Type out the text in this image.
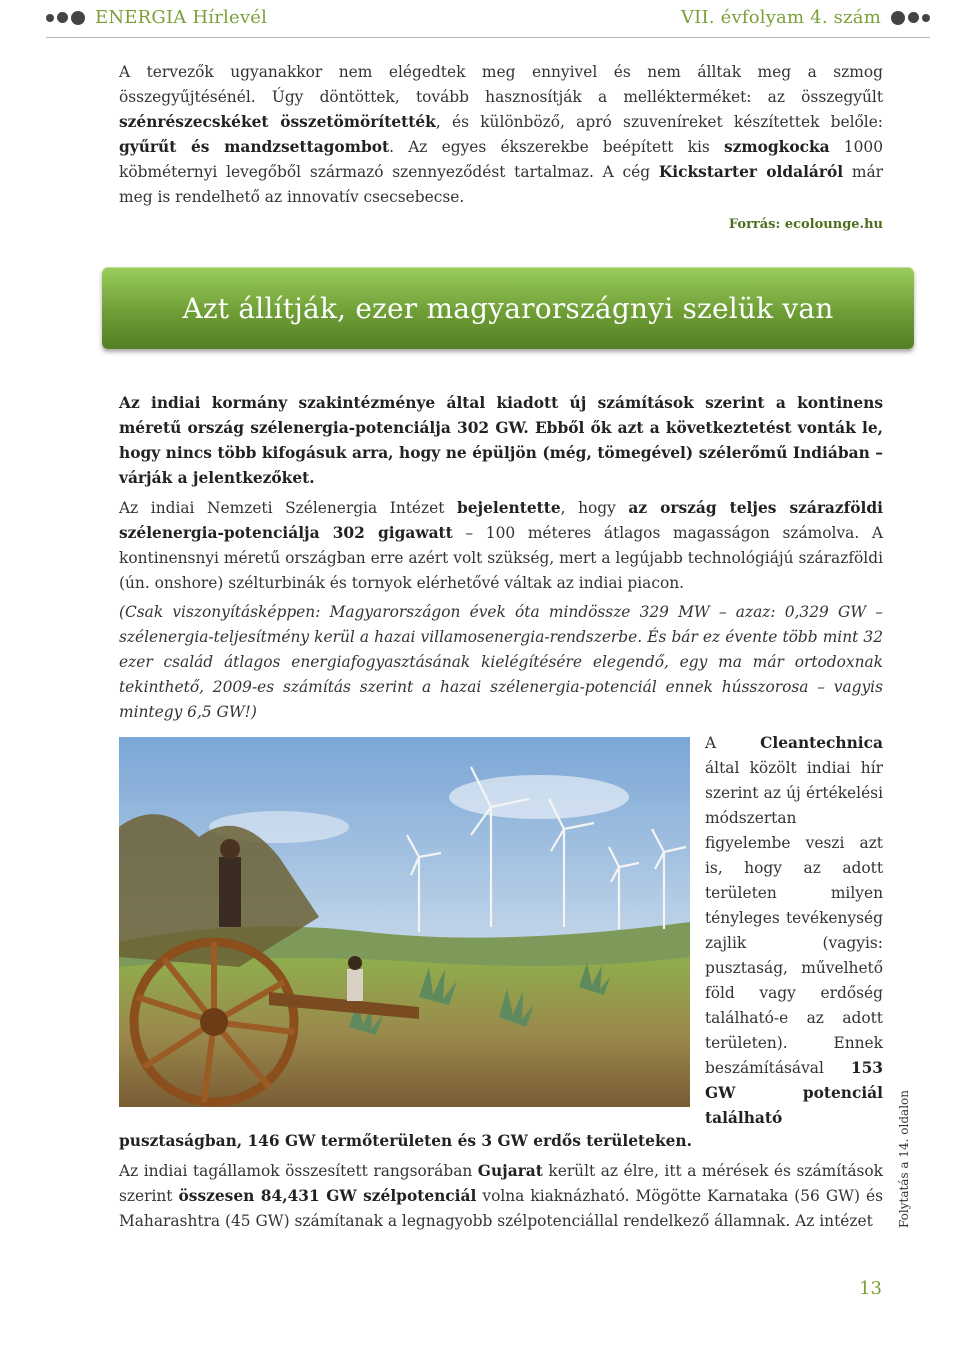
ENERGIA Hírlevél	VII. évfolyam 4. szám

A tervezők ugyanakkor nem elégedtek meg ennyivel és nem álltak meg a szmog összegyűjtésénél. Úgy döntöttek, tovább hasznosítják a mellékterméket: az összegyűlt szénrészecskéket összetömörítették, és különböző, apró szuveníreket készítettek belőle: gyűrűt és mandzsettagombot. Az egyes ékszerekbe beépített kis szmogkocka 1000 köbméternyi levegőből származó szennyeződést tartalmaz. A cég Kickstarter oldaláról már meg is rendelhető az innovatív csecsebecse.

Forrás: ecolounge.hu
Azt állítják, ezer magyarországnyi szelük van

Az indiai kormány szakintézménye által kiadott új számítások szerint a kontinens méretű ország szélenergia-potenciálja 302 GW. Ebből ők azt a következtetést vonták le, hogy nincs több kifogásuk arra, hogy ne épüljön (még, tömegével) szélerőmű Indiában – várják a jelentkezőket.

Az indiai Nemzeti Szélenergia Intézet bejelentette, hogy az ország teljes szárazföldi szélenergia-potenciálja 302 gigawatt – 100 méteres átlagos magasságon számolva. A kontinensnyi méretű országban erre azért volt szükség, mert a legújabb technológiájú szárazföldi (ún. onshore) szélturbinák és tornyok elérhetővé váltak az indiai piacon.

(Csak viszonyításképpen: Magyarországon évek óta mindössze 329 MW – azaz: 0,329 GW – szélenergia-teljesítmény kerül a hazai villamosenergia-rendszerbe. És bár ez évente több mint 32 ezer család átlagos energiafogyasztásának kielégítésére elegendő, egy ma már ortodoxnak tekinthető, 2009-es számítás szerint a hazai szélenergia-potenciál ennek hússzorosa – vagyis mintegy 6,5 GW!)

A Cleantechnica által közölt indiai hír szerint az új értékelési módszertan figyelembe veszi azt is, hogy az adott területen milyen tényleges tevékenység zajlik (vagyis: pusztaság, művelhető föld vagy erdőség található-e az adott területen). Ennek beszámításával 153 GW potenciál található

pusztaságban, 146 GW termőterületen és 3 GW erdős területeken.

Az indiai tagállamok összesített rangsorában Gujarat került az élre, itt a mérések és számítások szerint összesen 84,431 GW szélpotenciál volna kiaknázható. Mögötte Karnataka (56 GW) és Maharashtra (45 GW) számítanak a legnagyobb szélpotenciállal rendelkező államnak. Az intézet	Folytatás a 14. oldalon
13
